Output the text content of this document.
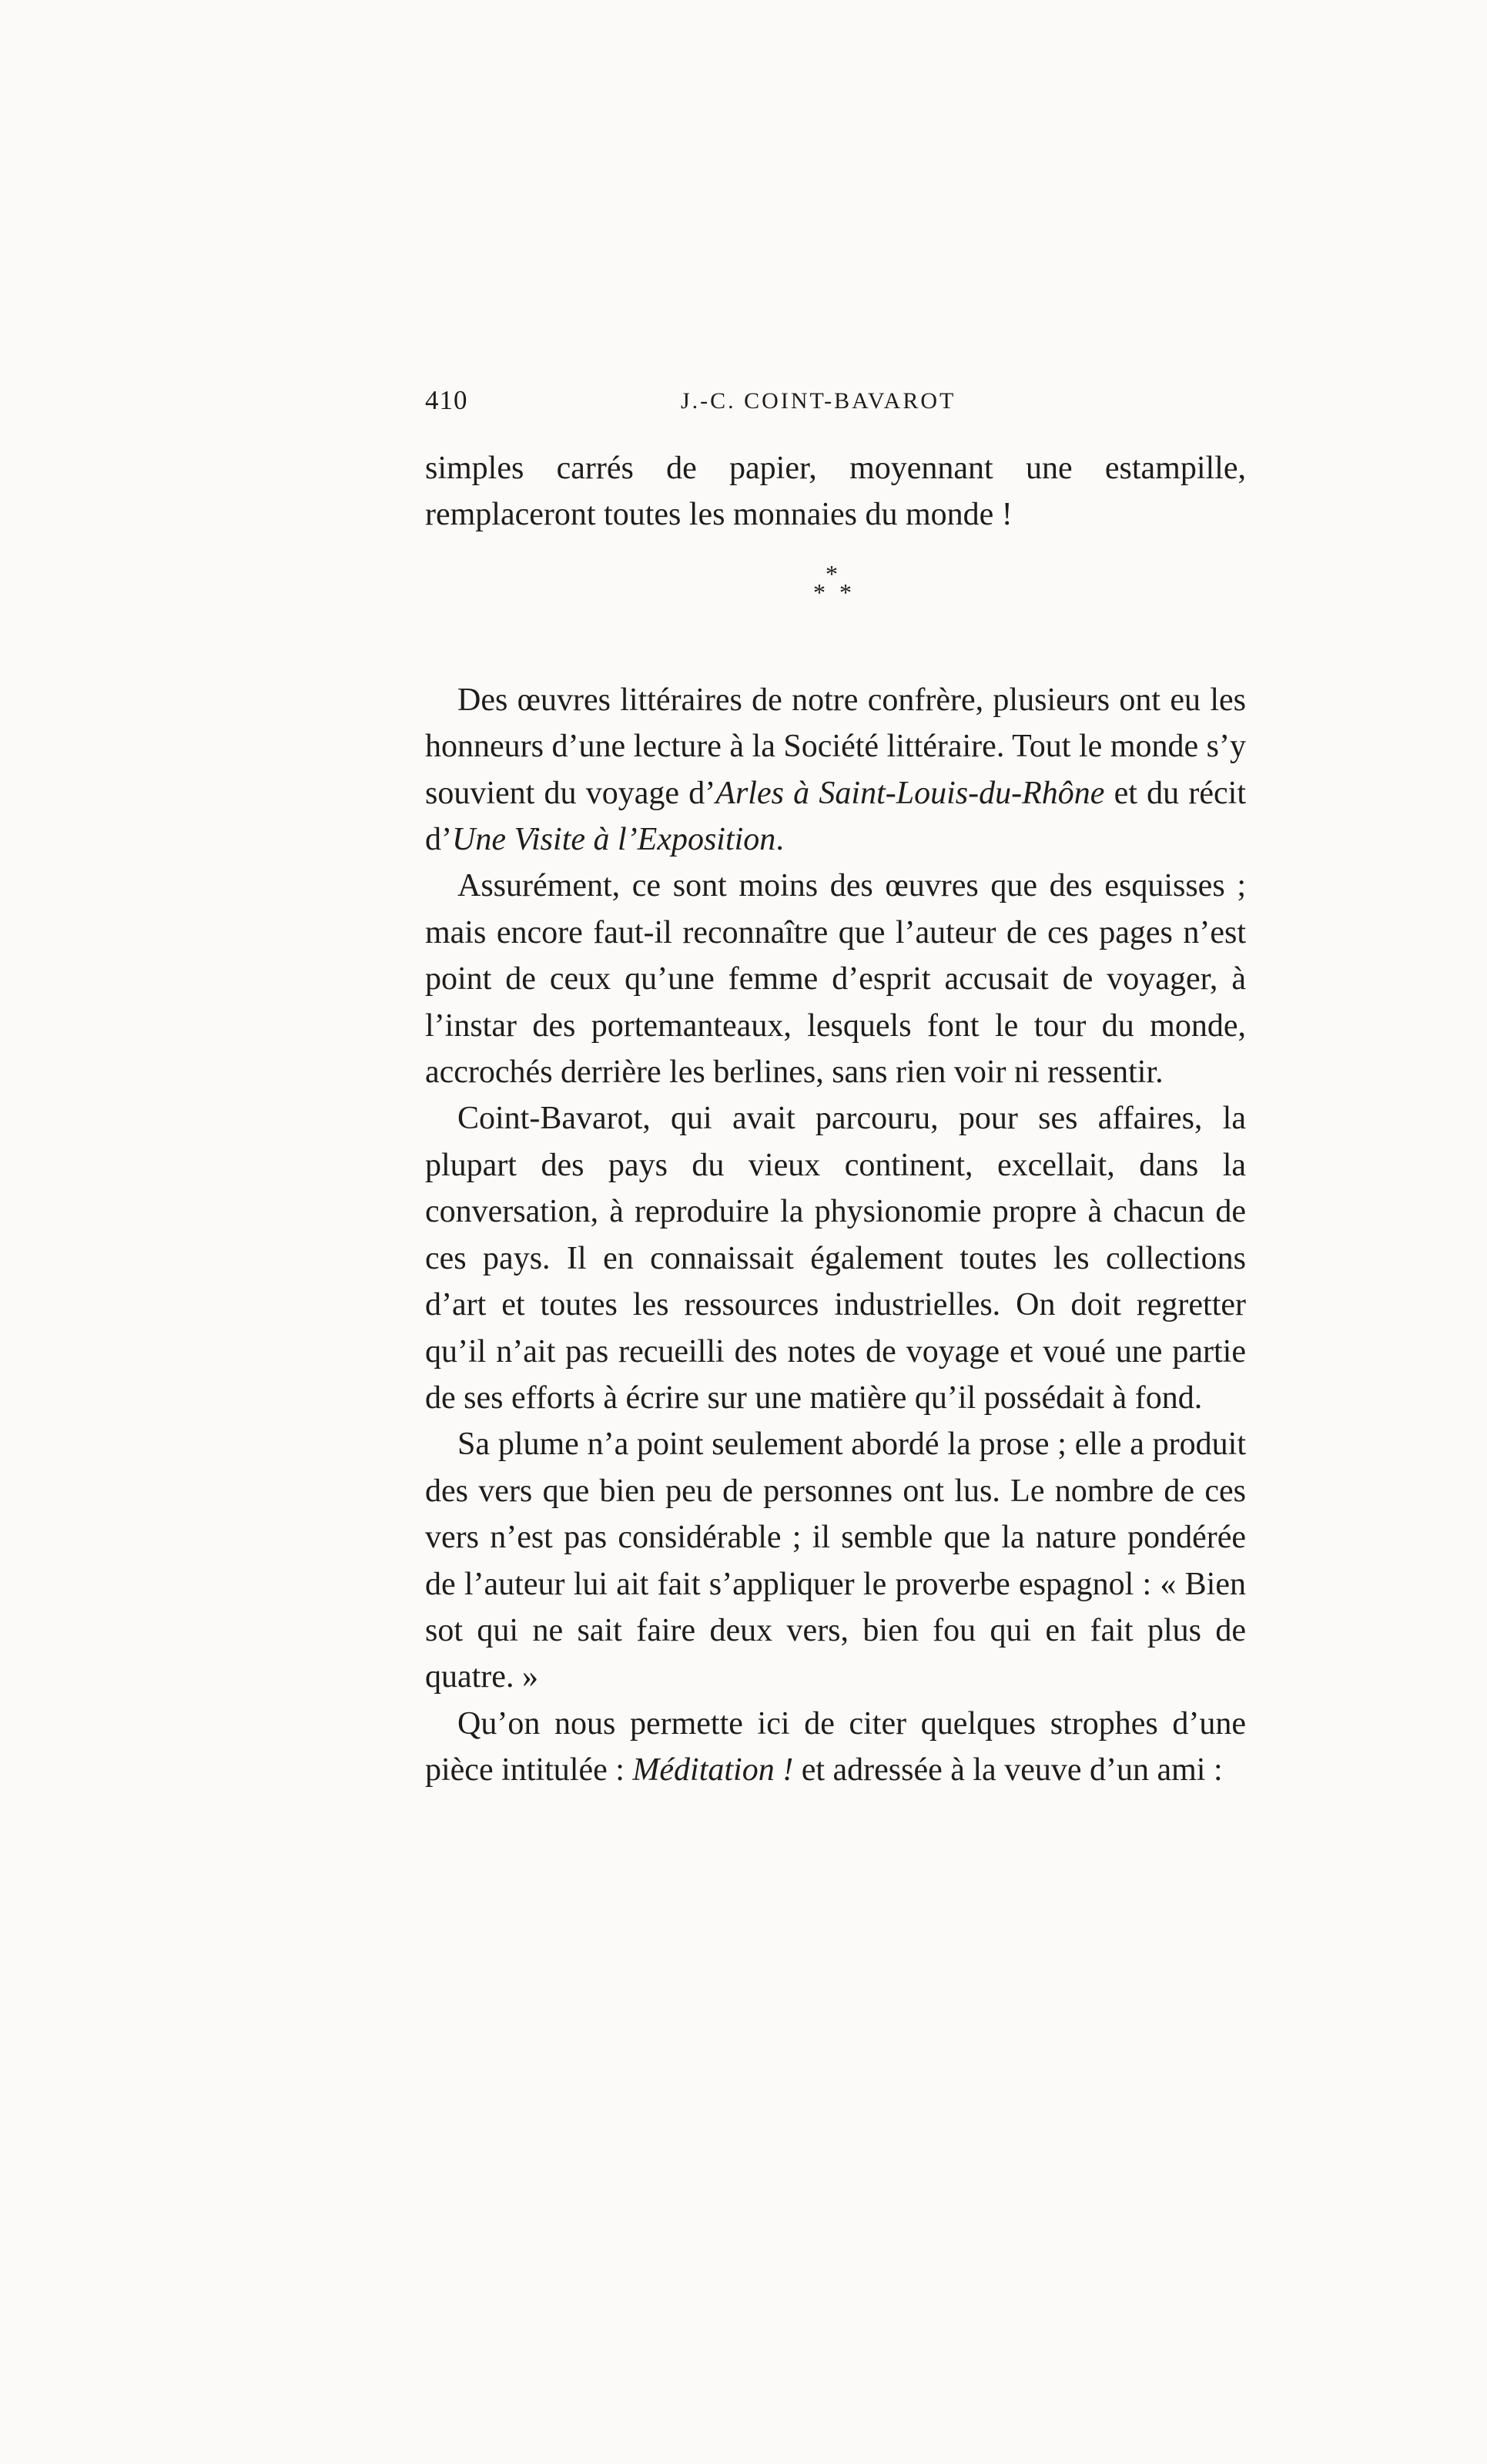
410	J.-C. COINT-BAVAROT

simples carrés de papier, moyennant une estampille, remplaceront toutes les monnaies du monde !

*
* *

Des œuvres littéraires de notre confrère, plusieurs ont eu les honneurs d’une lecture à la Société littéraire. Tout le monde s’y souvient du voyage d’Arles à Saint-Louis-du-Rhône et du récit d’Une Visite à l’Exposition.

Assurément, ce sont moins des œuvres que des esquisses ; mais encore faut-il reconnaître que l’auteur de ces pages n’est point de ceux qu’une femme d’esprit accusait de voyager, à l’instar des portemanteaux, lesquels font le tour du monde, accrochés derrière les berlines, sans rien voir ni ressentir.

Coint-Bavarot, qui avait parcouru, pour ses affaires, la plupart des pays du vieux continent, excellait, dans la conversation, à reproduire la physionomie propre à chacun de ces pays. Il en connaissait également toutes les collections d’art et toutes les ressources industrielles. On doit regretter qu’il n’ait pas recueilli des notes de voyage et voué une partie de ses efforts à écrire sur une matière qu’il possédait à fond.

Sa plume n’a point seulement abordé la prose ; elle a produit des vers que bien peu de personnes ont lus. Le nombre de ces vers n’est pas considérable ; il semble que la nature pondérée de l’auteur lui ait fait s’appliquer le proverbe espagnol : « Bien sot qui ne sait faire deux vers, bien fou qui en fait plus de quatre. »

Qu’on nous permette ici de citer quelques strophes d’une pièce intitulée : Méditation ! et adressée à la veuve d’un ami :
